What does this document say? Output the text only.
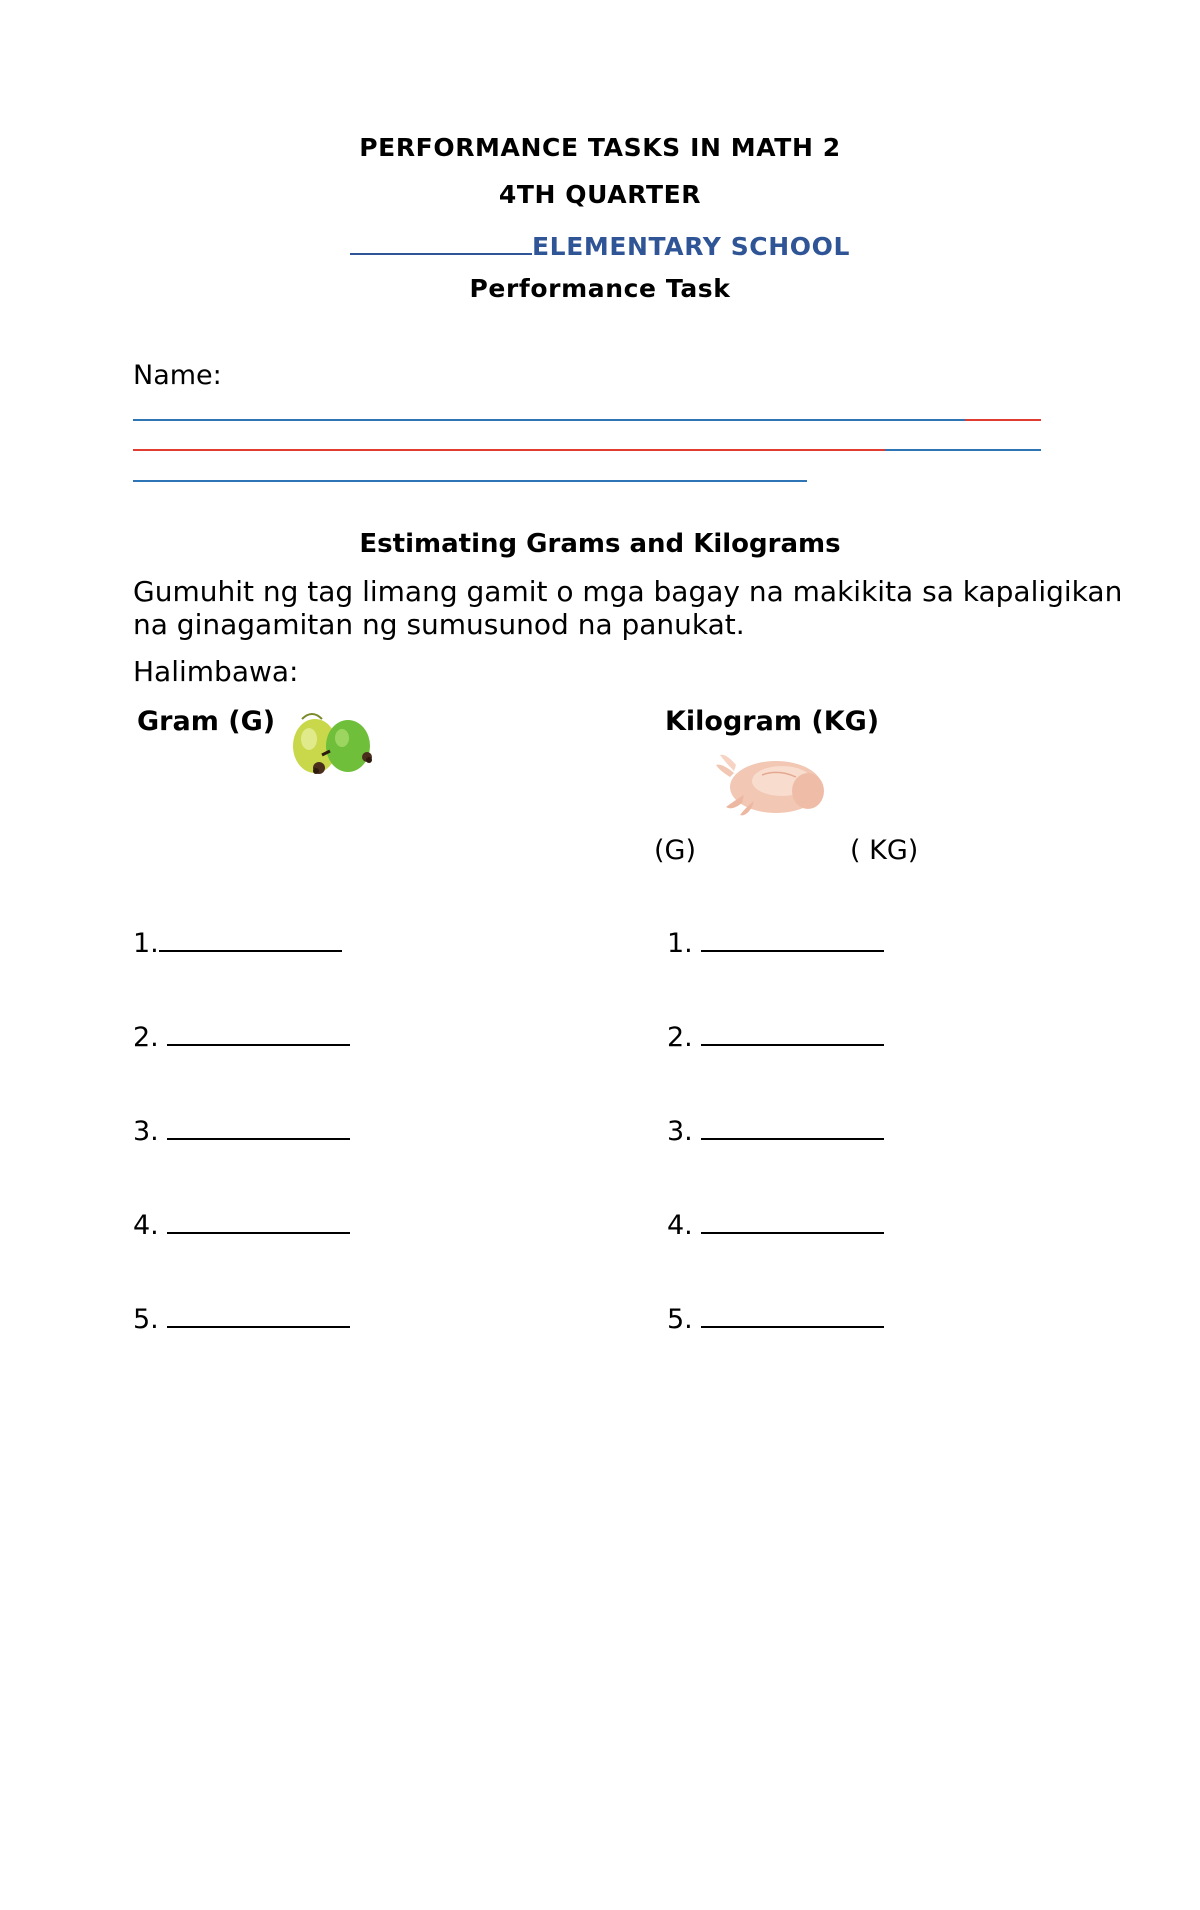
PERFORMANCE TASKS IN MATH 2
4TH QUARTER
ELEMENTARY SCHOOL
Performance Task
Name:
Estimating Grams and Kilograms
Gumuhit ng tag limang gamit o mga bagay na makikita sa kapaligikan
na ginagamitan ng sumusunod na panukat.
Halimbawa:
Gram (G)	Kilogram (KG)
(G)	( KG)
1.
2.
3.
4.
5.
1.
2.
3.
4.
5.
